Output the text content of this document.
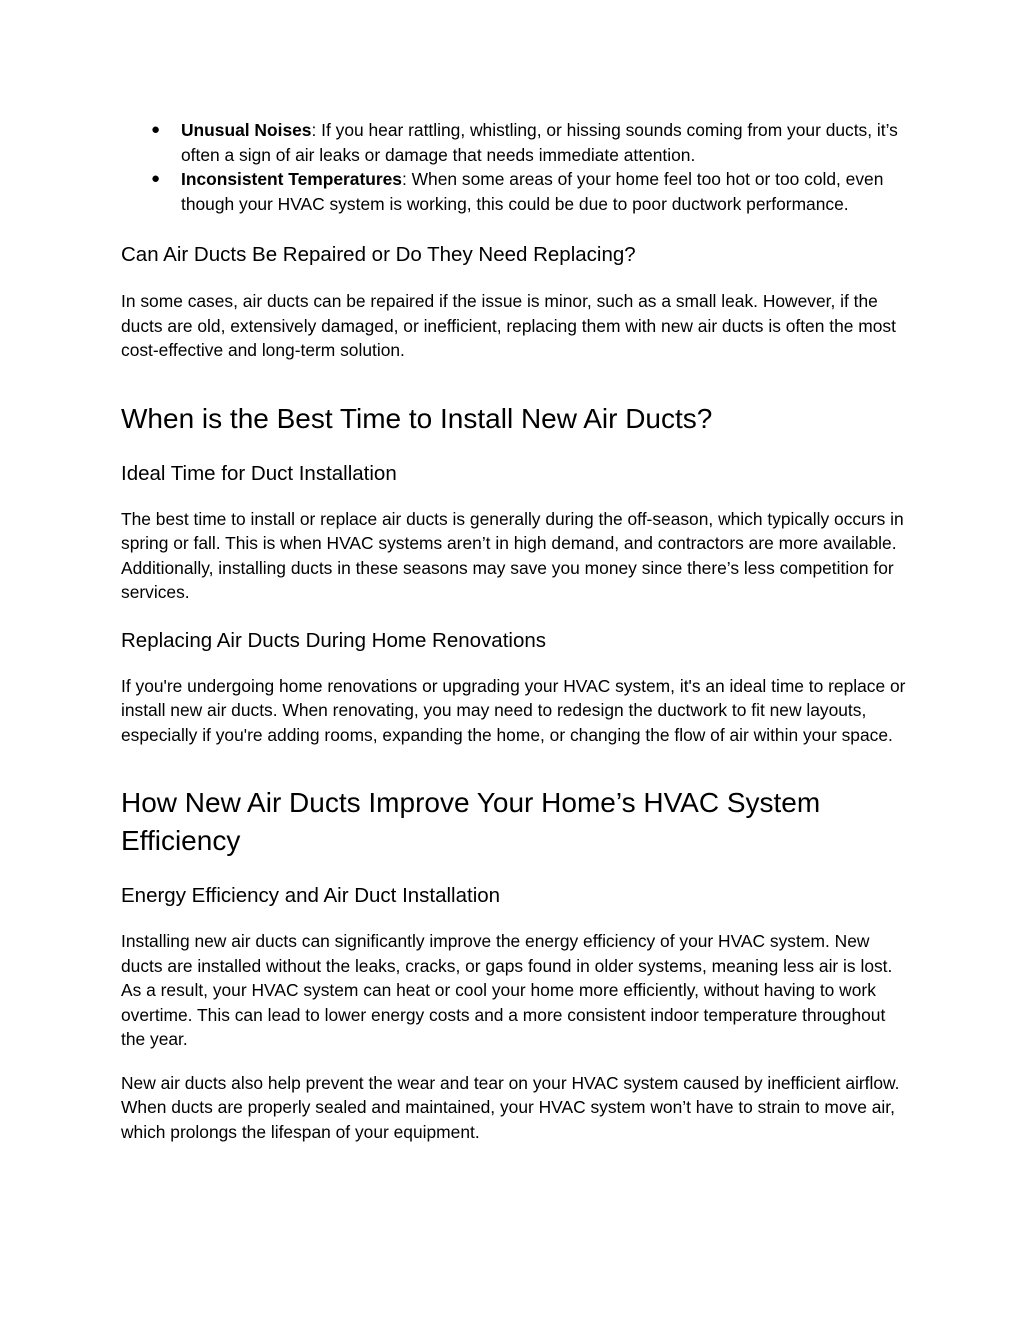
● Unusual Noises: If you hear rattling, whistling, or hissing sounds coming from your ducts, it’s often a sign of air leaks or damage that needs immediate attention.
● Inconsistent Temperatures: When some areas of your home feel too hot or too cold, even though your HVAC system is working, this could be due to poor ductwork performance.
Can Air Ducts Be Repaired or Do They Need Replacing?

In some cases, air ducts can be repaired if the issue is minor, such as a small leak. However, if the ducts are old, extensively damaged, or inefficient, replacing them with new air ducts is often the most cost-effective and long-term solution.

When is the Best Time to Install New Air Ducts?
Ideal Time for Duct Installation

The best time to install or replace air ducts is generally during the off-season, which typically occurs in spring or fall. This is when HVAC systems aren’t in high demand, and contractors are more available. Additionally, installing ducts in these seasons may save you money since there’s less competition for services.

Replacing Air Ducts During Home Renovations

If you're undergoing home renovations or upgrading your HVAC system, it's an ideal time to replace or install new air ducts. When renovating, you may need to redesign the ductwork to fit new layouts, especially if you're adding rooms, expanding the home, or changing the flow of air within your space.

How New Air Ducts Improve Your Home’s HVAC System Efficiency
Energy Efficiency and Air Duct Installation

Installing new air ducts can significantly improve the energy efficiency of your HVAC system. New ducts are installed without the leaks, cracks, or gaps found in older systems, meaning less air is lost. As a result, your HVAC system can heat or cool your home more efficiently, without having to work overtime. This can lead to lower energy costs and a more consistent indoor temperature throughout the year.

New air ducts also help prevent the wear and tear on your HVAC system caused by inefficient airflow. When ducts are properly sealed and maintained, your HVAC system won’t have to strain to move air, which prolongs the lifespan of your equipment.
